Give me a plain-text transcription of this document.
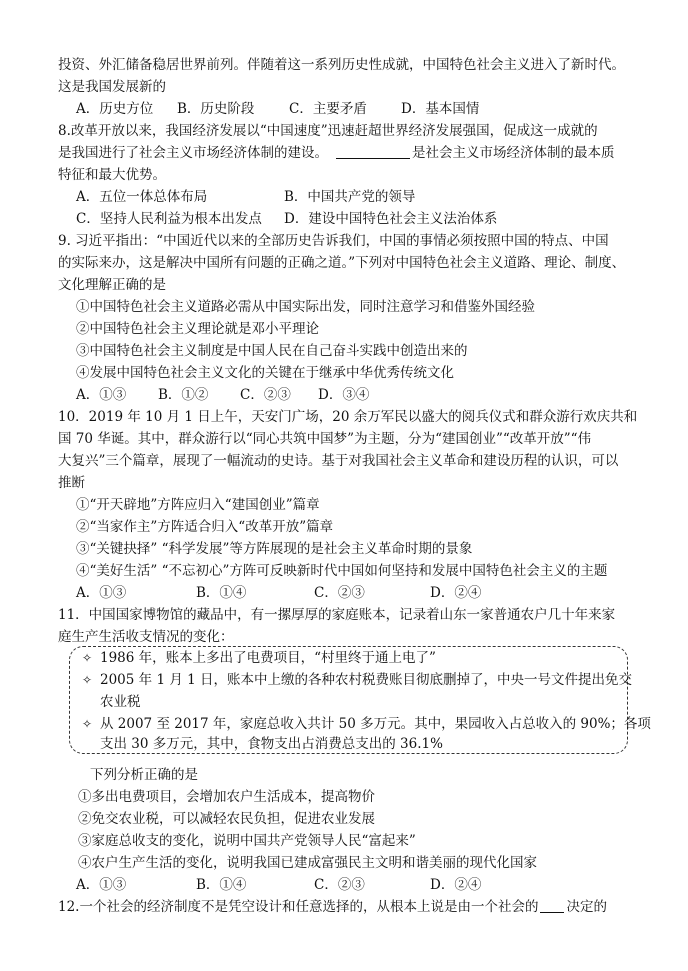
投资、外汇储备稳居世界前列。伴随着这一系列历史性成就，中国特色社会主义进入了新时代。
这是我国发展新的
A．历史方位 B．历史阶段	C．主要矛盾	D．基本国情
8.改革开放以来，我国经济发展以“中国速度”迅速赶超世界经济发展强国，促成这一成就的
是我国进行了社会主义市场经济体制的建设。	是社会主义市场经济体制的最本质
特征和最大优势。
A．五位一体总体布局	B．中国共产党的领导
C．坚持人民利益为根本出发点 D．建设中国特色社会主义法治体系
9. 习近平指出：“中国近代以来的全部历史告诉我们，中国的事情必须按照中国的特点、中国
的实际来办，这是解决中国所有问题的正确之道。”下列对中国特色社会主义道路、理论、制度、
文化理解正确的是
①中国特色社会主义道路必需从中国实际出发，同时注意学习和借鉴外国经验
②中国特色社会主义理论就是邓小平理论
③中国特色社会主义制度是中国人民在自己奋斗实践中创造出来的
④发展中国特色社会主义文化的关键在于继承中华优秀传统文化
A．①③ B．①② C．②③ D．③④
10．2019 年 10 月 1 日上午，天安门广场，20 余万军民以盛大的阅兵仪式和群众游行欢庆共和
国 70 华诞。其中，群众游行以“同心共筑中国梦”为主题，分为“建国创业”“改革开放”“伟
大复兴”三个篇章，展现了一幅流动的史诗。基于对我国社会主义革命和建设历程的认识，可以
推断
①“开天辟地”方阵应归入“建国创业”篇章
②“当家作主”方阵适合归入“改革开放”篇章
③“关键抉择” “科学发展”等方阵展现的是社会主义革命时期的景象
④“美好生活” “不忘初心”方阵可反映新时代中国如何坚持和发展中国特色社会主义的主题
A．①③	B．①④	C．②③	D．②④
11．中国国家博物馆的藏品中，有一摞厚厚的家庭账本，记录着山东一家普通农户几十年来家
庭生产生活收支情况的变化：
✧ 1986 年，账本上多出了电费项目，“村里终于通上电了”
✧ 2005 年 1 月 1 日，账本中上缴的各种农村税费账目彻底删掉了，中央一号文件提出免交
农业税
✧ 从 2007 至 2017 年，家庭总收入共计 50 多万元。其中，果园收入占总收入的 90%；各项
支出 30 多万元，其中，食物支出占消费总支出的 36.1%
下列分析正确的是
①多出电费项目，会增加农户生活成本，提高物价
②免交农业税，可以减轻农民负担，促进农业发展
③家庭总收支的变化，说明中国共产党领导人民“富起来”
④农户生产生活的变化，说明我国已建成富强民主文明和谐美丽的现代化国家
A．①③	B．①④	C．②③	D．②④
12.一个社会的经济制度不是凭空设计和任意选择的，从根本上说是由一个社会的 决定的
